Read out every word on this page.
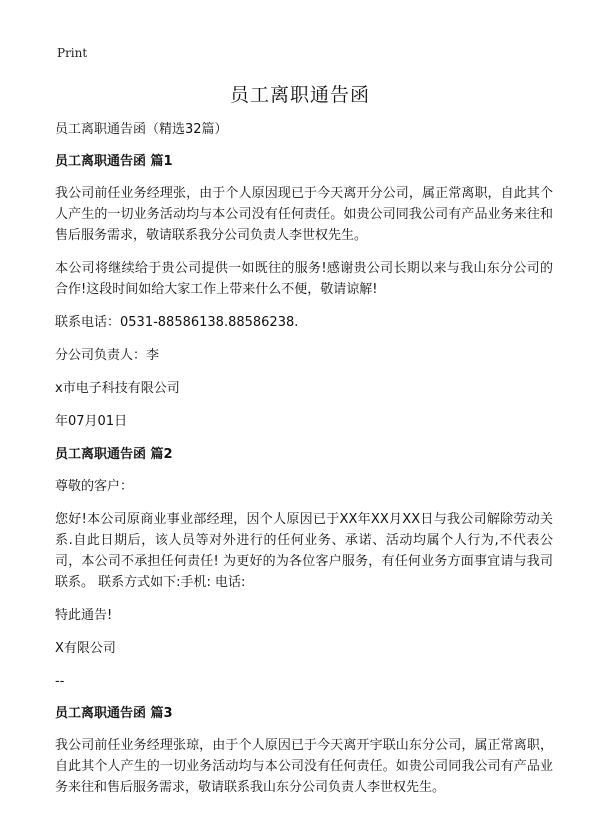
Print
员工离职通告函

员工离职通告函（精选32篇）

员工离职通告函 篇1

我公司前任业务经理张，由于个人原因现已于今天离开分公司，属正常离职，自此其个人产生的一切业务活动均与本公司没有任何责任。如贵公司同我公司有产品业务来往和售后服务需求，敬请联系我分公司负责人李世权先生。

本公司将继续给于贵公司提供一如既往的服务!感谢贵公司长期以来与我山东分公司的合作!这段时间如给大家工作上带来什么不便，敬请谅解!

联系电话：0531-88586138.88586238.

分公司负责人：李

x市电子科技有限公司

年07月01日

员工离职通告函 篇2

尊敬的客户：

您好!本公司原商业事业部经理，因个人原因已于XX年XX月XX日与我公司解除劳动关系.自此日期后，该人员等对外进行的任何业务、承诺、活动均属个人行为,不代表公司，本公司不承担任何责任! 为更好的为各位客户服务，有任何业务方面事宜请与我司联系。 联系方式如下:手机: 电话:

特此通告!

X有限公司

--

员工离职通告函 篇3

我公司前任业务经理张琼，由于个人原因已于今天离开宇联山东分公司，属正常离职，自此其个人产生的一切业务活动均与本公司没有任何责任。如贵公司同我公司有产品业务来往和售后服务需求，敬请联系我山东分公司负责人李世权先生。
